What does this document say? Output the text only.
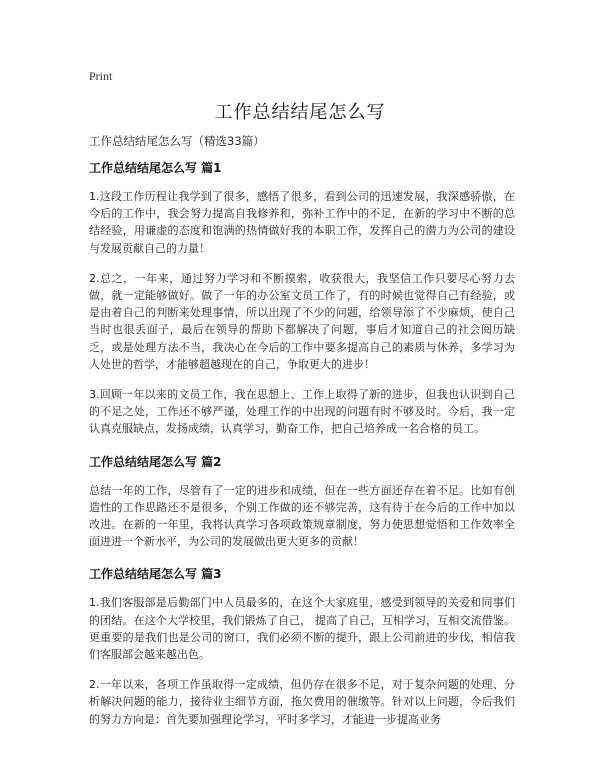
Print
工作总结结尾怎么写
工作总结结尾怎么写（精选33篇）
工作总结结尾怎么写 篇1

1.这段工作历程让我学到了很多，感悟了很多，看到公司的迅速发展，我深感骄傲，在今后的工作中，我会努力提高自我修养和，弥补工作中的不足，在新的学习中不断的总结经验，用谦虚的态度和饱满的热情做好我的本职工作，发挥自己的潜力为公司的建设与发展贡献自己的力量！

2.总之，一年来，通过努力学习和不断摸索，收获很大，我坚信工作只要尽心努力去做，就一定能够做好。做了一年的办公室文员工作了，有的时候也觉得自己有经验，或是由着自己的判断来处理事情，所以出现了不少的问题，给领导添了不少麻烦，使自己当时也很丢面子，最后在领导的帮助下都解决了问题，事后才知道自己的社会阅历缺乏，或是处理方法不当，我决心在今后的工作中要多提高自己的素质与休养，多学习为人处世的哲学，才能够超越现在的自己，争取更大的进步！

3.回顾一年以来的文员工作，我在思想上、工作上取得了新的进步，但我也认识到自己的不足之处，工作还不够严谨，处理工作的中出现的问题有时不够及时。今后，我一定认真克服缺点，发扬成绩，认真学习，勤奋工作，把自己培养成一名合格的员工。

工作总结结尾怎么写 篇2

总结一年的工作，尽管有了一定的进步和成绩，但在一些方面还存在着不足。比如有创造性的工作思路还不是很多，个别工作做的还不够完善，这有待于在今后的工作中加以改进。在新的一年里，我将认真学习各项政策规章制度，努力使思想觉悟和工作效率全面进进一个新水平，为公司的发展做出更大更多的贡献！

工作总结结尾怎么写 篇3

1.我们客服部是后勤部门中人员最多的，在这个大家庭里，感受到领导的关爱和同事们的团结。在这个大学校里，我们锻炼了自己， 提高了自己，互相学习，互相交流借鉴。更重要的是我们也是公司的窗口，我们必须不断的提升，跟上公司前进的步伐，相信我们客服部会越来越出色。

2.一年以来，各项工作虽取得一定成绩，但仍存在很多不足，对于复杂问题的处理、分析解决问题的能力，接待业主细节方面，拖欠费用的催缴等。针对以上问题，今后我们的努力方向是：首先要加强理论学习，平时多学习，才能进一步提高业务
